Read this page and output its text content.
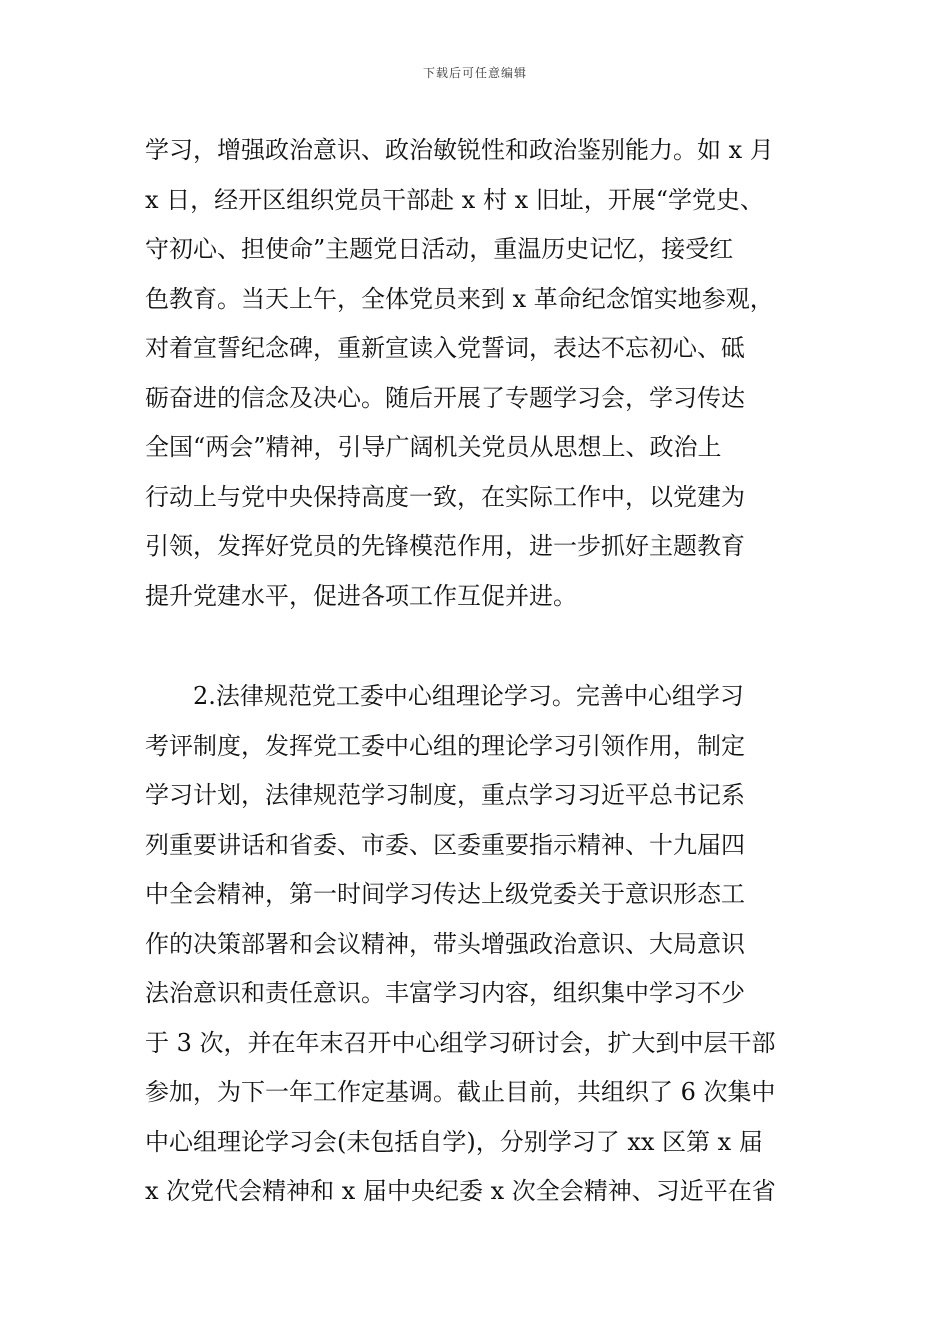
下载后可任意编辑
学习，增强政治意识、政治敏锐性和政治鉴别能力。如 x 月
x 日，经开区组织党员干部赴 x 村 x 旧址，开展“学党史、
守初心、担使命”主题党日活动，重温历史记忆，接受红
色教育。当天上午，全体党员来到 x 革命纪念馆实地参观，
对着宣誓纪念碑，重新宣读入党誓词，表达不忘初心、砥
砺奋进的信念及决心。随后开展了专题学习会，学习传达
全国“两会”精神，引导广阔机关党员从思想上、政治上
行动上与党中央保持高度一致，在实际工作中，以党建为
引领，发挥好党员的先锋模范作用，进一步抓好主题教育
提升党建水平，促进各项工作互促并进。
2.法律规范党工委中心组理论学习。完善中心组学习
考评制度，发挥党工委中心组的理论学习引领作用，制定
学习计划，法律规范学习制度，重点学习习近平总书记系
列重要讲话和省委、市委、区委重要指示精神、十九届四
中全会精神，第一时间学习传达上级党委关于意识形态工
作的决策部署和会议精神，带头增强政治意识、大局意识
法治意识和责任意识。丰富学习内容，组织集中学习不少
于 3 次，并在年末召开中心组学习研讨会，扩大到中层干部
参加，为下一年工作定基调。截止目前，共组织了 6 次集中
中心组理论学习会(未包括自学)，分别学习了 xx 区第 x 届
x 次党代会精神和 x 届中央纪委 x 次全会精神、习近平在省
